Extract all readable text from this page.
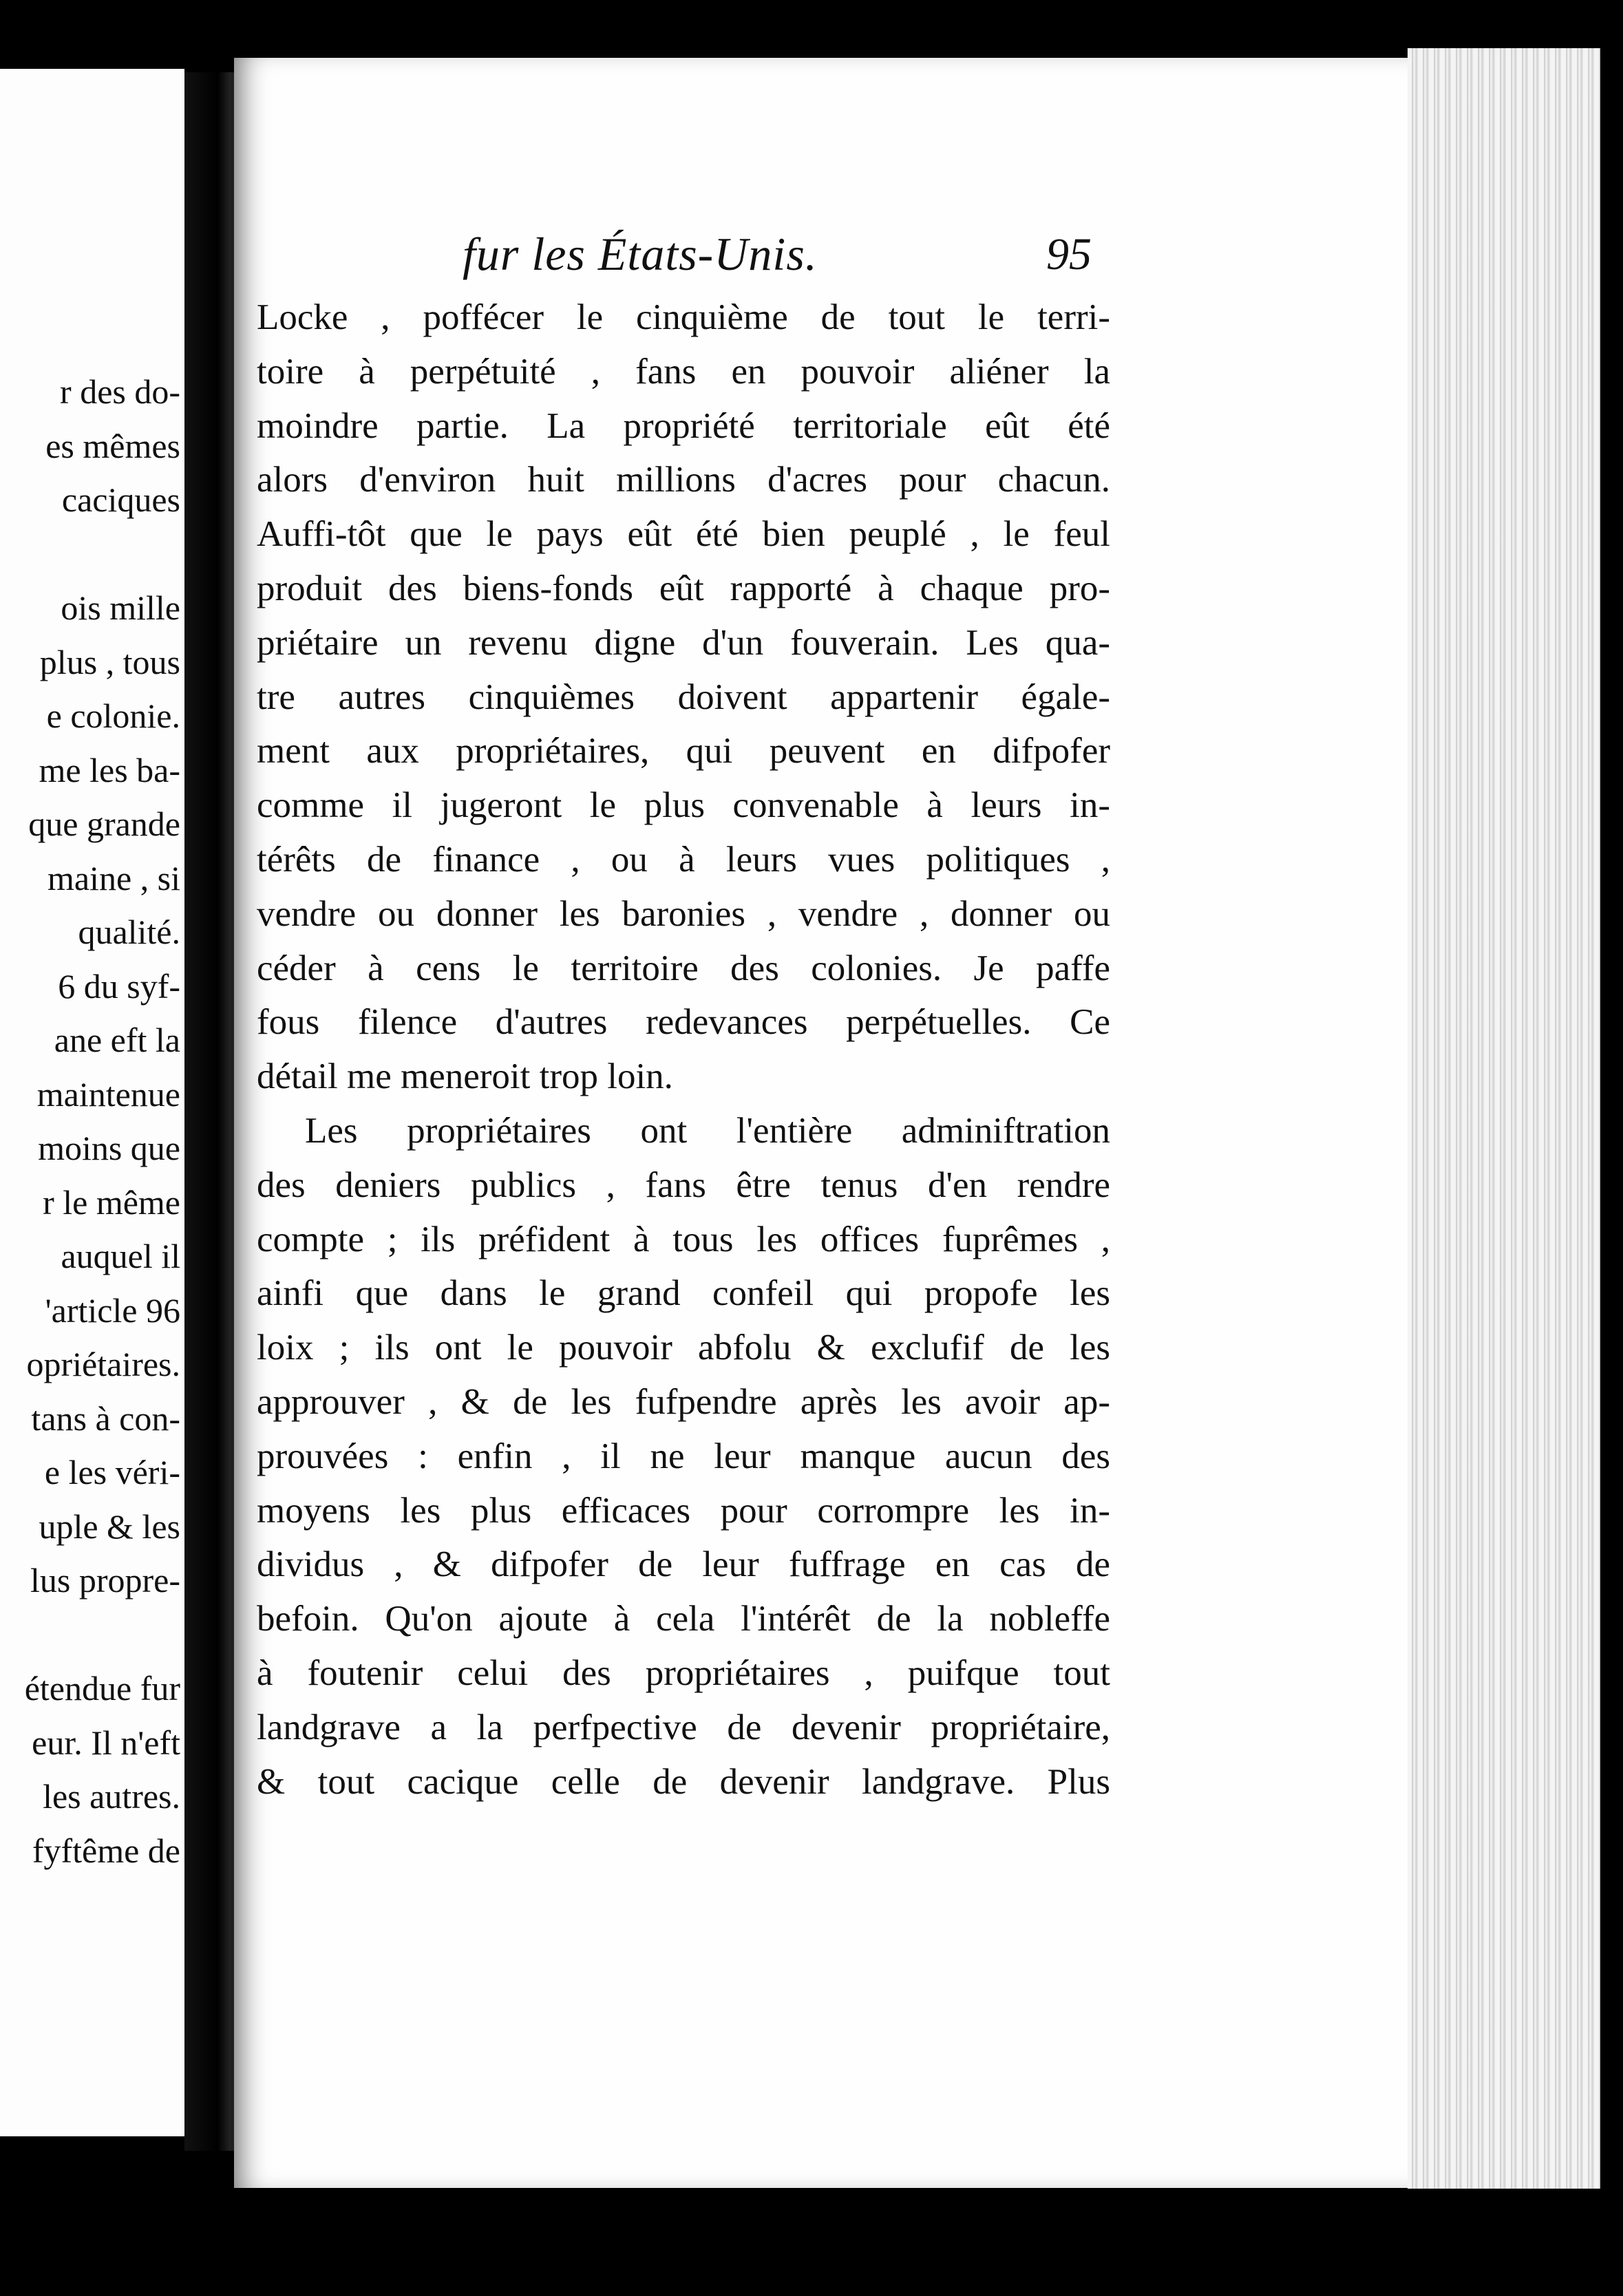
r des do-
es mêmes
caciques
ois mille
plus , tous
e colonie.
me les ba-
que grande
maine , si
qualité.
6 du syf-
ane eft la
maintenue
moins que
r le même
auquel il
'article 96
opriétaires.
tans à con-
e les véri-
uple & les
lus propre-
étendue fur
eur. Il n'eft
les autres.
fyftême de
fur les États-Unis.	95
Locke , poffécer le cinquième de tout le terri-
toire à perpétuité , fans en pouvoir aliéner la
moindre partie. La propriété territoriale eût été
alors d'environ huit millions d'acres pour chacun.
Auffi-tôt que le pays eût été bien peuplé , le feul
produit des biens-fonds eût rapporté à chaque pro-
priétaire un revenu digne d'un fouverain. Les qua-
tre autres cinquièmes doivent appartenir égale-
ment aux propriétaires, qui peuvent en difpofer
comme il jugeront le plus convenable à leurs in-
térêts de finance , ou à leurs vues politiques ,
vendre ou donner les baronies , vendre , donner ou
céder à cens le territoire des colonies. Je paffe
fous filence d'autres redevances perpétuelles. Ce
détail me meneroit trop loin.
Les propriétaires ont l'entière adminiftration
des deniers publics , fans être tenus d'en rendre
compte ; ils préfident à tous les offices fuprêmes ,
ainfi que dans le grand confeil qui propofe les
loix ; ils ont le pouvoir abfolu & exclufif de les
approuver , & de les fufpendre après les avoir ap-
prouvées : enfin , il ne leur manque aucun des
moyens les plus efficaces pour corrompre les in-
dividus , & difpofer de leur fuffrage en cas de
befoin. Qu'on ajoute à cela l'intérêt de la nobleffe
à foutenir celui des propriétaires , puifque tout
landgrave a la perfpective de devenir propriétaire,
& tout cacique celle de devenir landgrave. Plus
